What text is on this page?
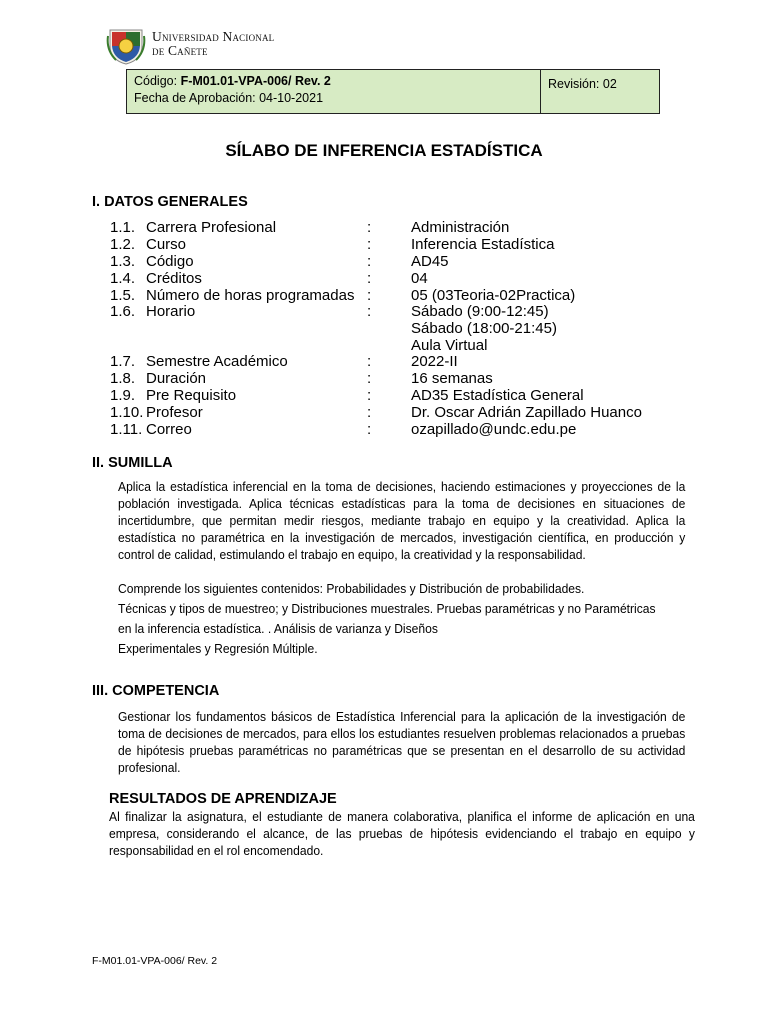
Universidad Nacional
de Cañete
Código: F-M01.01-VPA-006/ Rev. 2
Fecha de Aprobación: 04-10-2021
Revisión: 02
SÍLABO DE INFERENCIA ESTADÍSTICA
I. DATOS GENERALES
1.1. Carrera Profesional	:	Administración
1.2. Curso	:	Inferencia Estadística
1.3. Código	:	AD45
1.4. Créditos	:	04
1.5. Número de horas programadas :	05 (03Teoria-02Practica)
1.6. Horario	:	Sábado (9:00-12:45)
Sábado (18:00-21:45)
Aula Virtual
1.7. Semestre Académico	:	2022-II
1.8. Duración	:	16 semanas
1.9. Pre Requisito	:	AD35 Estadística General
1.10. Profesor	:	Dr. Oscar Adrián Zapillado Huanco
1.11. Correo	:	ozapillado@undc.edu.pe
II. SUMILLA
Aplica la estadística inferencial en la toma de decisiones, haciendo estimaciones y proyecciones de la población investigada. Aplica técnicas estadísticas para la toma de decisiones en situaciones de incertidumbre, que permitan medir riesgos, mediante trabajo en equipo y la creatividad. Aplica la estadística no paramétrica en la investigación de mercados, investigación científica, en producción y control de calidad, estimulando el trabajo en equipo, la creatividad y la responsabilidad.
Comprende los siguientes contenidos: Probabilidades y Distribución de probabilidades.
Técnicas y tipos de muestreo; y Distribuciones muestrales. Pruebas paramétricas y no Paramétricas
en la inferencia estadística. . Análisis de varianza y Diseños
Experimentales y Regresión Múltiple.
III. COMPETENCIA
Gestionar los fundamentos básicos de Estadística Inferencial para la aplicación de la investigación de toma de decisiones de mercados, para ellos los estudiantes resuelven problemas relacionados a pruebas de hipótesis pruebas paramétricas no paramétricas que se presentan en el desarrollo de su actividad profesional.
RESULTADOS DE APRENDIZAJE
Al finalizar la asignatura, el estudiante de manera colaborativa, planifica el informe de aplicación en una empresa, considerando el alcance, de las pruebas de hipótesis evidenciando el trabajo en equipo y responsabilidad en el rol encomendado.
F-M01.01-VPA-006/ Rev. 2
